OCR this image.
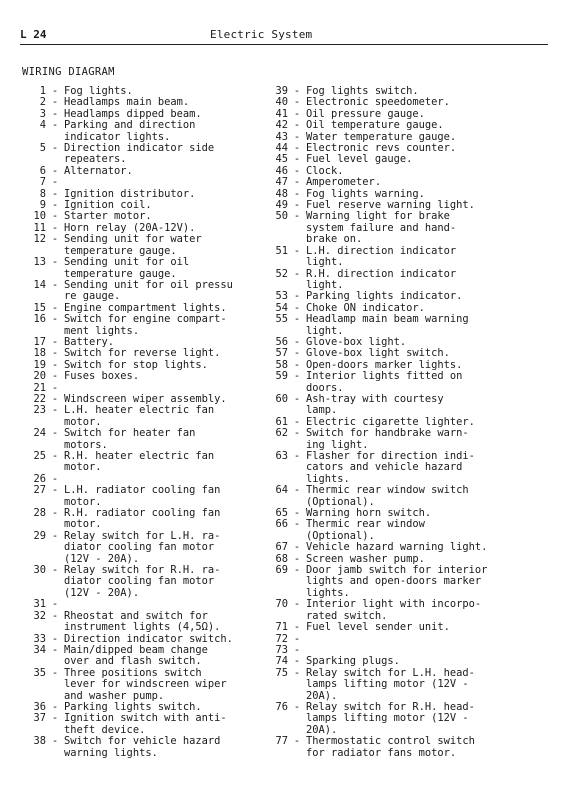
L 24	Electric System
WIRING DIAGRAM
1 - Fog lights.
2 - Headlamps main beam.
3 - Headlamps dipped beam.
4 - Parking and direction
indicator lights.
5 - Direction indicator side
repeaters.
6 - Alternator.
7 -
8 - Ignition distributor.
9 - Ignition coil.
10 - Starter motor.
11 - Horn relay (20A-12V).
12 - Sending unit for water
temperature gauge.
13 - Sending unit for oil
temperature gauge.
14 - Sending unit for oil pressu
re gauge.
15 - Engine compartment lights.
16 - Switch for engine compart-
ment lights.
17 - Battery.
18 - Switch for reverse light.
19 - Switch for stop lights.
20 - Fuses boxes.
21 -
22 - Windscreen wiper assembly.
23 - L.H. heater electric fan
motor.
24 - Switch for heater fan
motors.
25 - R.H. heater electric fan
motor.
26 -
27 - L.H. radiator cooling fan
motor.
28 - R.H. radiator cooling fan
motor.
29 - Relay switch for L.H. ra-
diator cooling fan motor
(12V - 20A).
30 - Relay switch for R.H. ra-
diator cooling fan motor
(12V - 20A).
31 -
32 - Rheostat and switch for
instrument lights (4,5Ω).
33 - Direction indicator switch.
34 - Main/dipped beam change
over and flash switch.
35 - Three positions switch
lever for windscreen wiper
and washer pump.
36 - Parking lights switch.
37 - Ignition switch with anti-
theft device.
38 - Switch for vehicle hazard
warning lights.
39 - Fog lights switch.
40 - Electronic speedometer.
41 - Oil pressure gauge.
42 - Oil temperature gauge.
43 - Water temperature gauge.
44 - Electronic revs counter.
45 - Fuel level gauge.
46 - Clock.
47 - Amperometer.
48 - Fog lights warning.
49 - Fuel reserve warning light.
50 - Warning light for brake
system failure and hand-
brake on.
51 - L.H. direction indicator
light.
52 - R.H. direction indicator
light.
53 - Parking lights indicator.
54 - Choke ON indicator.
55 - Headlamp main beam warning
light.
56 - Glove-box light.
57 - Glove-box light switch.
58 - Open-doors marker lights.
59 - Interior lights fitted on
doors.
60 - Ash-tray with courtesy
lamp.
61 - Electric cigarette lighter.
62 - Switch for handbrake warn-
ing light.
63 - Flasher for direction indi-
cators and vehicle hazard
lights.
64 - Thermic rear window switch
(Optional).
65 - Warning horn switch.
66 - Thermic rear window
(Optional).
67 - Vehicle hazard warning light.
68 - Screen washer pump.
69 - Door jamb switch for interior
lights and open-doors marker
lights.
70 - Interior light with incorpo-
rated switch.
71 - Fuel level sender unit.
72 -
73 -
74 - Sparking plugs.
75 - Relay switch for L.H. head-
lamps lifting motor (12V -
20A).
76 - Relay switch for R.H. head-
lamps lifting motor (12V -
20A).
77 - Thermostatic control switch
for radiator fans motor.
